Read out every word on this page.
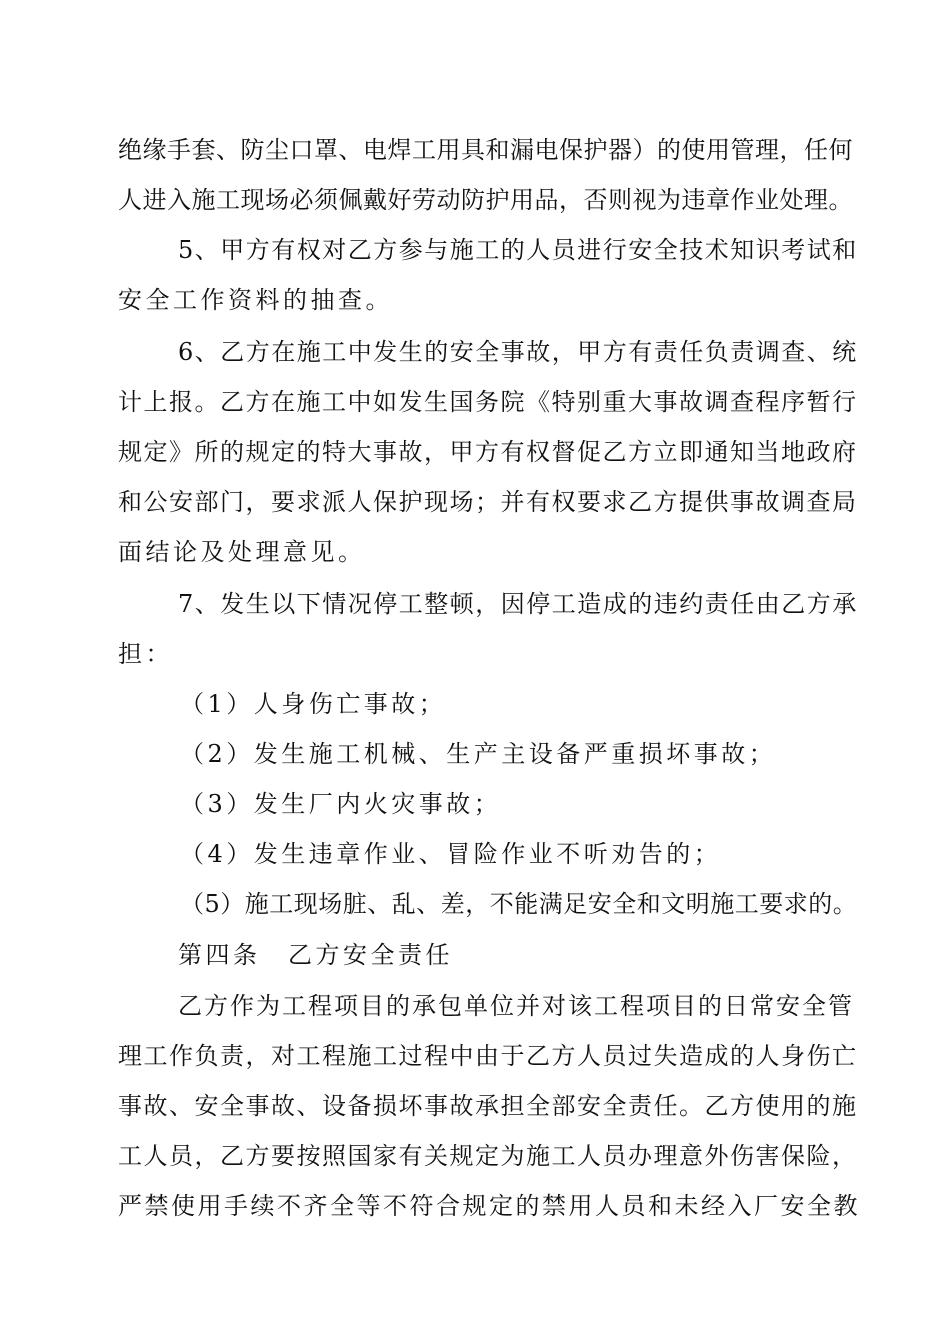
绝缘手套、防尘口罩、电焊工用具和漏电保护器）的使用管理，任何
人进入施工现场必须佩戴好劳动防护用品，否则视为违章作业处理。
5、甲方有权对乙方参与施工的人员进行安全技术知识考试和
安全工作资料的抽查。
6、乙方在施工中发生的安全事故，甲方有责任负责调查、统
计上报。乙方在施工中如发生国务院《特别重大事故调查程序暂行
规定》所的规定的特大事故，甲方有权督促乙方立即通知当地政府
和公安部门，要求派人保护现场；并有权要求乙方提供事故调查局
面结论及处理意见。
7、发生以下情况停工整顿，因停工造成的违约责任由乙方承
担：
（1）人身伤亡事故；
（2）发生施工机械、生产主设备严重损坏事故；
（3）发生厂内火灾事故；
（4）发生违章作业、冒险作业不听劝告的；
（5）施工现场脏、乱、差，不能满足安全和文明施工要求的。
第四条　乙方安全责任
乙方作为工程项目的承包单位并对该工程项目的日常安全管
理工作负责，对工程施工过程中由于乙方人员过失造成的人身伤亡
事故、安全事故、设备损坏事故承担全部安全责任。乙方使用的施
工人员，乙方要按照国家有关规定为施工人员办理意外伤害保险，
严禁使用手续不齐全等不符合规定的禁用人员和未经入厂安全教
